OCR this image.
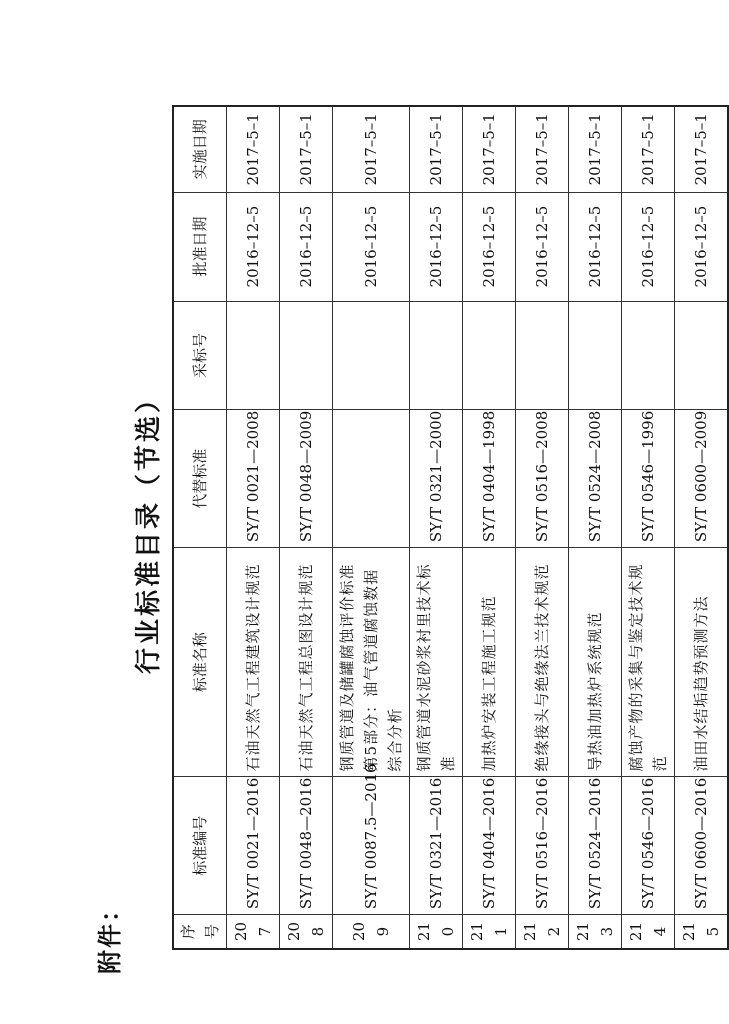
附件：
行业标准目录（节选）
序号	标准编号	标准名称	代替标准	采标号	批准日期	实施日期
207	SY/T 0021—2016	石油天然气工程建筑设计规范	SY/T 0021—2008		2016–12–5	2017–5–1
208	SY/T 0048—2016	石油天然气工程总图设计规范	SY/T 0048—2009		2016–12–5	2017–5–1
209	SY/T 0087.5—2016	钢质管道及储罐腐蚀评价标准　第5部分：油气管道腐蚀数据综合分析			2016–12–5	2017–5–1
210	SY/T 0321—2016	钢质管道水泥砂浆衬里技术标准	SY/T 0321—2000		2016–12–5	2017–5–1
211	SY/T 0404—2016	加热炉安装工程施工规范	SY/T 0404—1998		2016–12–5	2017–5–1
212	SY/T 0516—2016	绝缘接头与绝缘法兰技术规范	SY/T 0516—2008		2016–12–5	2017–5–1
213	SY/T 0524—2016	导热油加热炉系统规范	SY/T 0524—2008		2016–12–5	2017–5–1
214	SY/T 0546—2016	腐蚀产物的采集与鉴定技术规范	SY/T 0546—1996		2016–12–5	2017–5–1
215	SY/T 0600—2016	油田水结垢趋势预测方法	SY/T 0600—2009		2016–12–5	2017–5–1
